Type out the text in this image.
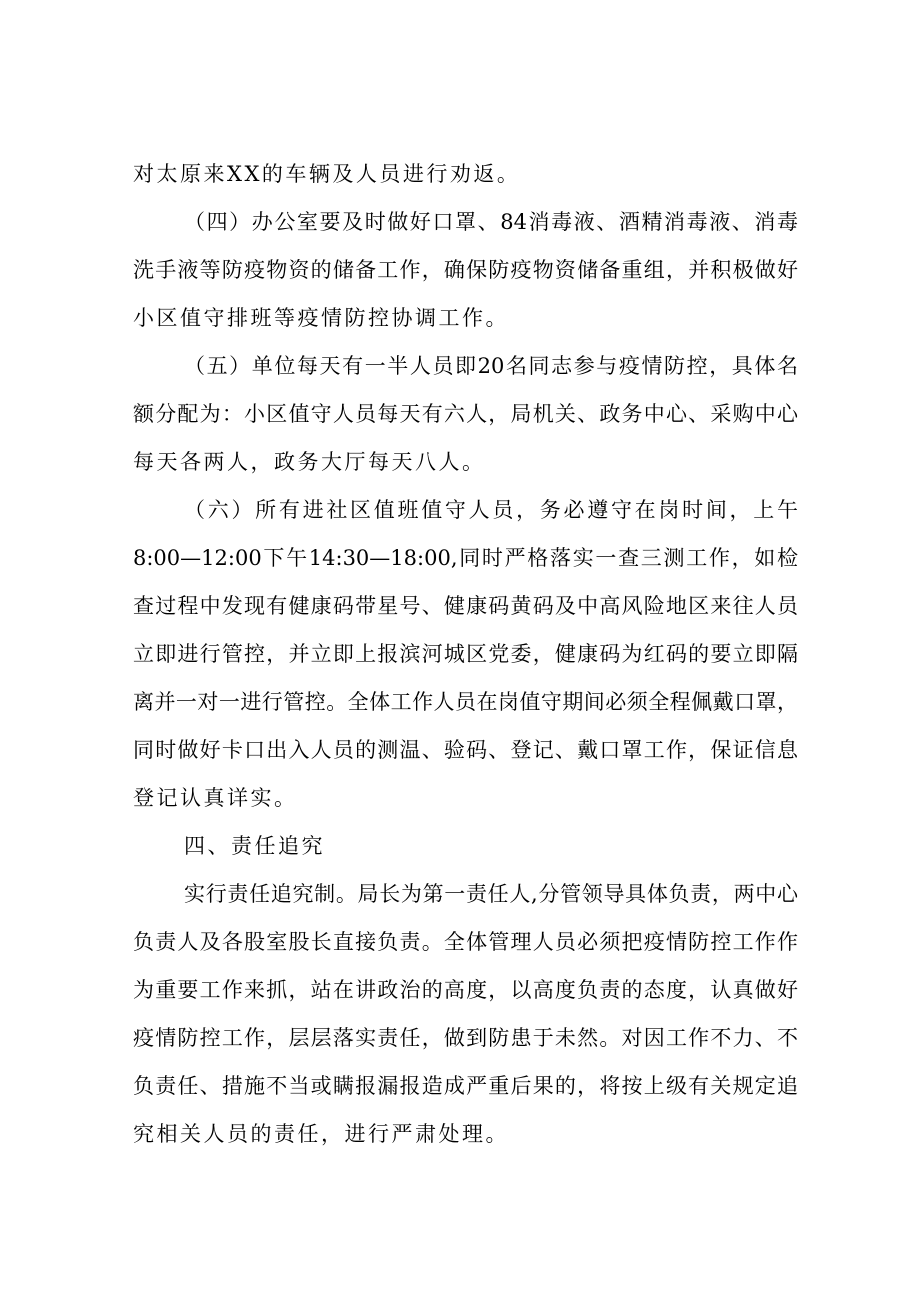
对太原来XX的车辆及人员进行劝返。
（四）办公室要及时做好口罩、84消毒液、酒精消毒液、消毒
洗手液等防疫物资的储备工作，确保防疫物资储备重组，并积极做好
小区值守排班等疫情防控协调工作。
（五）单位每天有一半人员即20名同志参与疫情防控，具体名
额分配为：小区值守人员每天有六人，局机关、政务中心、采购中心
每天各两人，政务大厅每天八人。
（六）所有进社区值班值守人员，务必遵守在岗时间，上午
8:00—12:00下午14:30—18:00,同时严格落实一查三测工作，如检
查过程中发现有健康码带星号、健康码黄码及中高风险地区来往人员
立即进行管控，并立即上报滨河城区党委，健康码为红码的要立即隔
离并一对一进行管控。全体工作人员在岗值守期间必须全程佩戴口罩，
同时做好卡口出入人员的测温、验码、登记、戴口罩工作，保证信息
登记认真详实。
四、责任追究
实行责任追究制。局长为第一责任人,分管领导具体负责，两中心
负责人及各股室股长直接负责。全体管理人员必须把疫情防控工作作
为重要工作来抓，站在讲政治的高度，以高度负责的态度，认真做好
疫情防控工作，层层落实责任，做到防患于未然。对因工作不力、不
负责任、措施不当或瞒报漏报造成严重后果的，将按上级有关规定追
究相关人员的责任，进行严肃处理。
